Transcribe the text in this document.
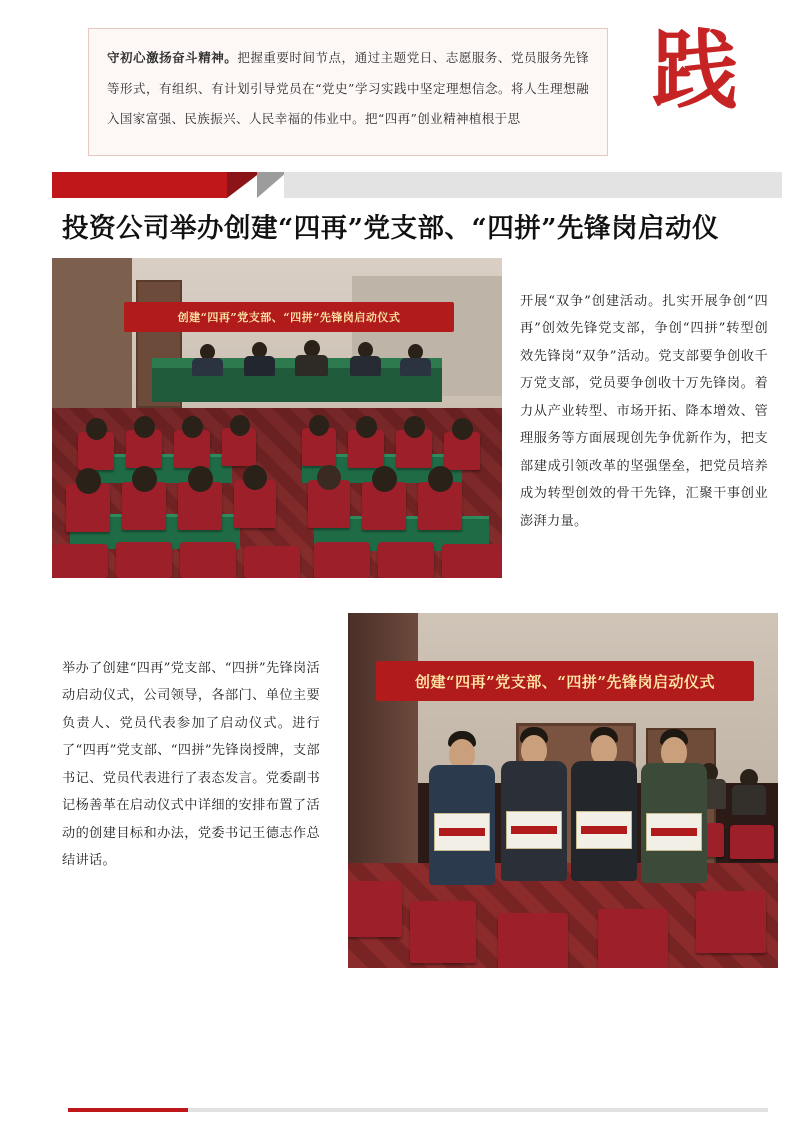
守初心激扬奋斗精神。把握重要时间节点，通过主题党日、志愿服务、党员服务先锋等形式，有组织、有计划引导党员在“党史”学习实践中坚定理想信念。将人生理想融入国家富强、民族振兴、人民幸福的伟业中。把“四再”创业精神植根于思	践
投资公司举办创建“四再”党支部、“四拼”先锋岗启动仪
创建“四再”党支部、“四拼”先锋岗启动仪式
开展“双争”创建活动。扎实开展争创“四再”创效先锋党支部，争创“四拼”转型创效先锋岗“双争”活动。党支部要争创收千万党支部，党员要争创收十万先锋岗。着力从产业转型、市场开拓、降本增效、管理服务等方面展现创先争优新作为，把支部建成引领改革的坚强堡垒，把党员培养成为转型创效的骨干先锋，汇聚干事创业澎湃力量。
举办了创建“四再”党支部、“四拼”先锋岗活动启动仪式，公司领导，各部门、单位主要负责人、党员代表参加了启动仪式。进行了“四再”党支部、“四拼”先锋岗授牌，支部书记、党员代表进行了表态发言。党委副书记杨善革在启动仪式中详细的安排布置了活动的创建目标和办法，党委书记王德志作总结讲话。
创建“四再”党支部、“四拼”先锋岗启动仪式
